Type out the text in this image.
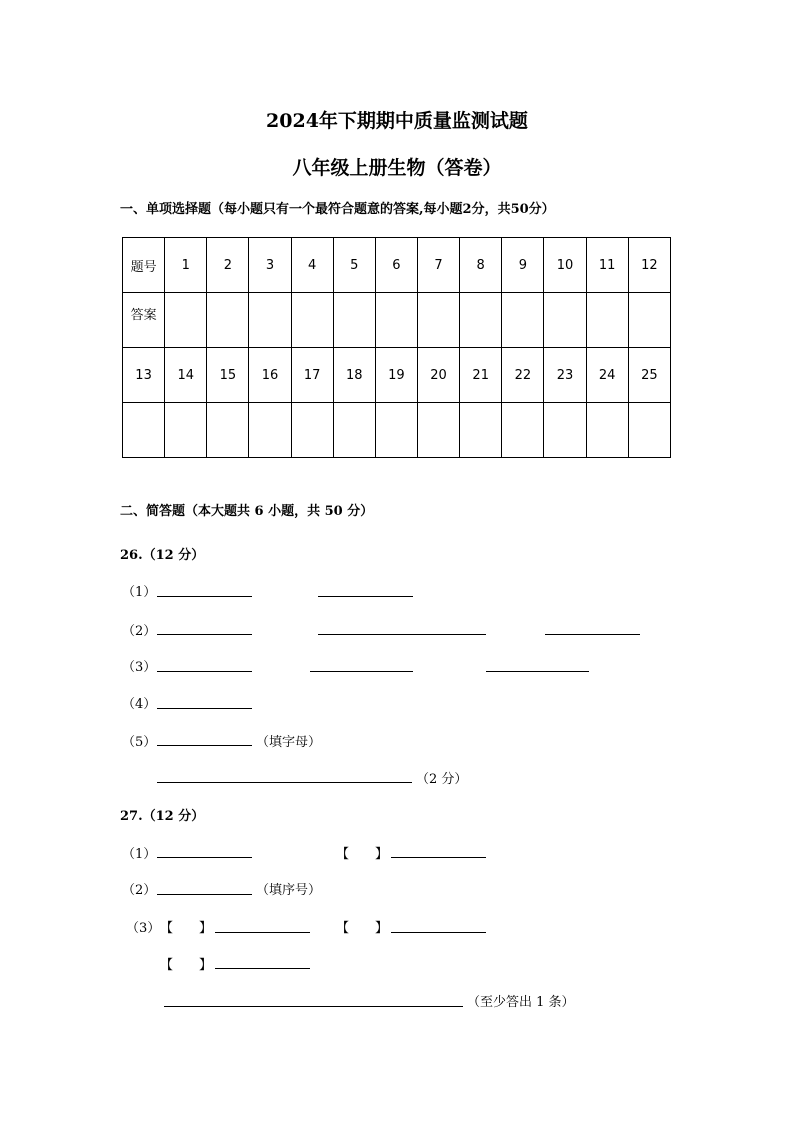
2024年下期期中质量监测试题
八年级上册生物（答卷）
一、单项选择题（每小题只有一个最符合题意的答案,每小题2分，共50分）
题号	1	2	3	4	5	6	7	8	9	10	11	12
答案												
13	14	15	16	17	18	19	20	21	22	23	24	25

二、简答题（本大题共 6 小题，共 50 分）
26.（12 分）
（1）
（2）
（3）
（4）
（5）	（填字母）
（2 分）
27.（12 分）
（1）	【　　】
（2）	（填序号）
（3） 【　　】	【　　】
【　　】
（至少答出 1 条）
